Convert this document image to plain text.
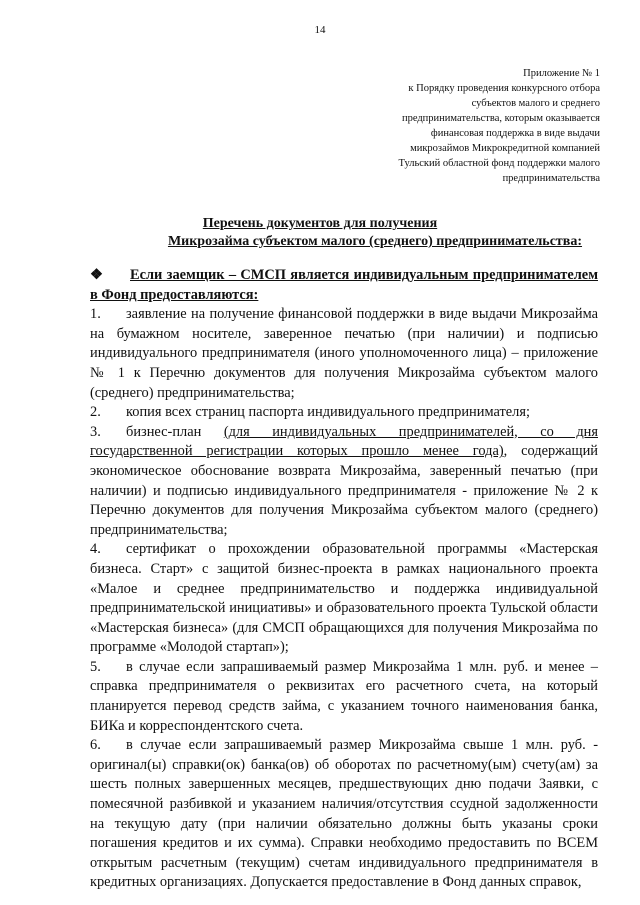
14
Приложение № 1
к Порядку проведения конкурсного отбора
субъектов малого и среднего
предпринимательства, которым оказывается
финансовая поддержка в виде выдачи
микрозаймов Микрокредитной компанией
Тульский областной фонд поддержки малого
предпринимательства
Перечень документов для получения
Микрозайма субъектом малого (среднего) предпринимательства:

❖ Если заемщик – СМСП является индивидуальным предпринимателем в Фонд предоставляются:

1. заявление на получение финансовой поддержки в виде выдачи Микрозайма на бумажном носителе, заверенное печатью (при наличии) и подписью индивидуального предпринимателя (иного уполномоченного лица) – приложение № 1 к Перечню документов для получения Микрозайма субъектом малого (среднего) предпринимательства;

2. копия всех страниц паспорта индивидуального предпринимателя;

3. бизнес-план (для индивидуальных предпринимателей, со дня государственной регистрации которых прошло менее года), содержащий экономическое обоснование возврата Микрозайма, заверенный печатью (при наличии) и подписью индивидуального предпринимателя - приложение № 2 к Перечню документов для получения Микрозайма субъектом малого (среднего) предпринимательства;

4. сертификат о прохождении образовательной программы «Мастерская бизнеса. Старт» с защитой бизнес-проекта в рамках национального проекта «Малое и среднее предпринимательство и поддержка индивидуальной предпринимательской инициативы» и образовательного проекта Тульской области «Мастерская бизнеса» (для СМСП обращающихся для получения Микрозайма по программе «Молодой стартап»);

5. в случае если запрашиваемый размер Микрозайма 1 млн. руб. и менее – справка предпринимателя о реквизитах его расчетного счета, на который планируется перевод средств займа, с указанием точного наименования банка, БИКа и корреспондентского счета.

6. в случае если запрашиваемый размер Микрозайма свыше 1 млн. руб. - оригинал(ы) справки(ок) банка(ов) об оборотах по расчетному(ым) счету(ам) за шесть полных завершенных месяцев, предшествующих дню подачи Заявки, с помесячной разбивкой и указанием наличия/отсутствия ссудной задолженности на текущую дату (при наличии обязательно должны быть указаны сроки погашения кредитов и их сумма). Справки необходимо предоставить по ВСЕМ открытым расчетным (текущим) счетам индивидуального предпринимателя в кредитных организациях. Допускается предоставление в Фонд данных справок,
